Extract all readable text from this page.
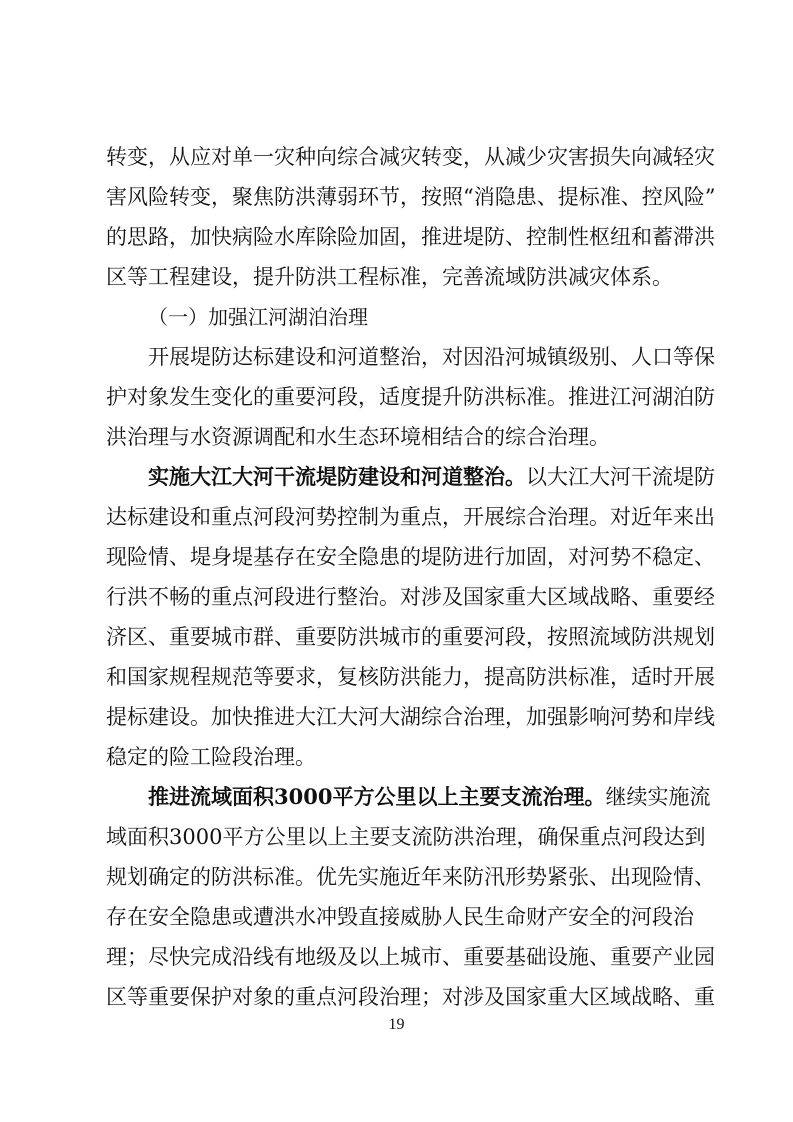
转变，从应对单一灾种向综合减灾转变，从减少灾害损失向减轻灾
害风险转变，聚焦防洪薄弱环节，按照“消隐患、提标准、控风险”
的思路，加快病险水库除险加固，推进堤防、控制性枢纽和蓄滞洪
区等工程建设，提升防洪工程标准，完善流域防洪减灾体系。
（一）加强江河湖泊治理
开展堤防达标建设和河道整治，对因沿河城镇级别、人口等保
护对象发生变化的重要河段，适度提升防洪标准。推进江河湖泊防
洪治理与水资源调配和水生态环境相结合的综合治理。
实施大江大河干流堤防建设和河道整治。以大江大河干流堤防
达标建设和重点河段河势控制为重点，开展综合治理。对近年来出
现险情、堤身堤基存在安全隐患的堤防进行加固，对河势不稳定、
行洪不畅的重点河段进行整治。对涉及国家重大区域战略、重要经
济区、重要城市群、重要防洪城市的重要河段，按照流域防洪规划
和国家规程规范等要求，复核防洪能力，提高防洪标准，适时开展
提标建设。加快推进大江大河大湖综合治理，加强影响河势和岸线
稳定的险工险段治理。
推进流域面积3000平方公里以上主要支流治理。继续实施流
域面积3000平方公里以上主要支流防洪治理，确保重点河段达到
规划确定的防洪标准。优先实施近年来防汛形势紧张、出现险情、
存在安全隐患或遭洪水冲毁直接威胁人民生命财产安全的河段治
理；尽快完成沿线有地级及以上城市、重要基础设施、重要产业园
区等重要保护对象的重点河段治理；对涉及国家重大区域战略、重
19
